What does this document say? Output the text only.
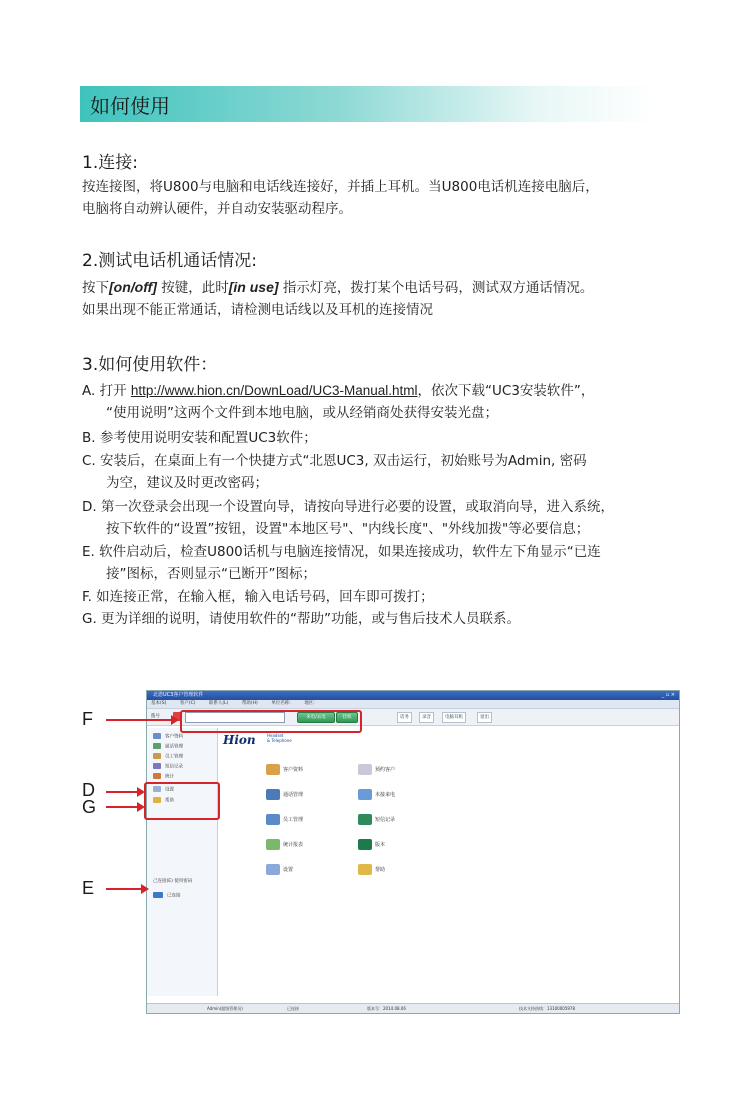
如何使用
1.连接:
按连接图，将U800与电脑和电话线连接好，并插上耳机。当U800电话机连接电脑后，
电脑将自动辨认硬件，并自动安装驱动程序。
2.测试电话机通话情况:
按下[on/off] 按键，此时[in use] 指示灯亮，拨打某个电话号码，测试双方通话情况。
如果出现不能正常通话，请检测电话线以及耳机的连接情况
3.如何使用软件：
A. 打开 http://www.hion.cn/DownLoad/UC3-Manual.html，依次下载“UC3安装软件”，
“使用说明”这两个文件到本地电脑，或从经销商处获得安装光盘；
B. 参考使用说明安装和配置UC3软件；
C. 安装后，在桌面上有一个快捷方式“北恩UC3, 双击运行，初始账号为Admin, 密码
为空，建议及时更改密码；
D. 第一次登录会出现一个设置向导，请按向导进行必要的设置，或取消向导，进入系统，
按下软件的“设置”按钮，设置"本地区号"、"内线长度"、"外线加拨"等必要信息；
E. 软件启动后，检查U800话机与电脑连接情况，如果连接成功，软件左下角显示“已连
接”图标，否则显示“已断开”图标；
F. 如连接正常，在输入框，输入电话号码，回车即可拨打；
G. 更为详细的说明，请使用软件的“帮助”功能，或与售后技术人员联系。
北恩UC3客户管理软件	_ ▫ ×
基本(S)	客户(C)	联系人(L)	帮助(H)	单位名称:	地区:
拨号	来电/去电	挂机	话务	录音	电脑耳机	退出
客户资料
通话管理
员工管理
短信记录
统计
设置
帮助
己连接(E) 使用密码
已连接
Hion	Headset
& Telephone
客户资料
通话管理
员工管理
统计报表
设置
预约客户
未接来电
短信记录
版本
帮助
Admin(超级管理员)	已连接	版本号：2014.08.06	技术支持热线：13100005978
F
D
G
E
